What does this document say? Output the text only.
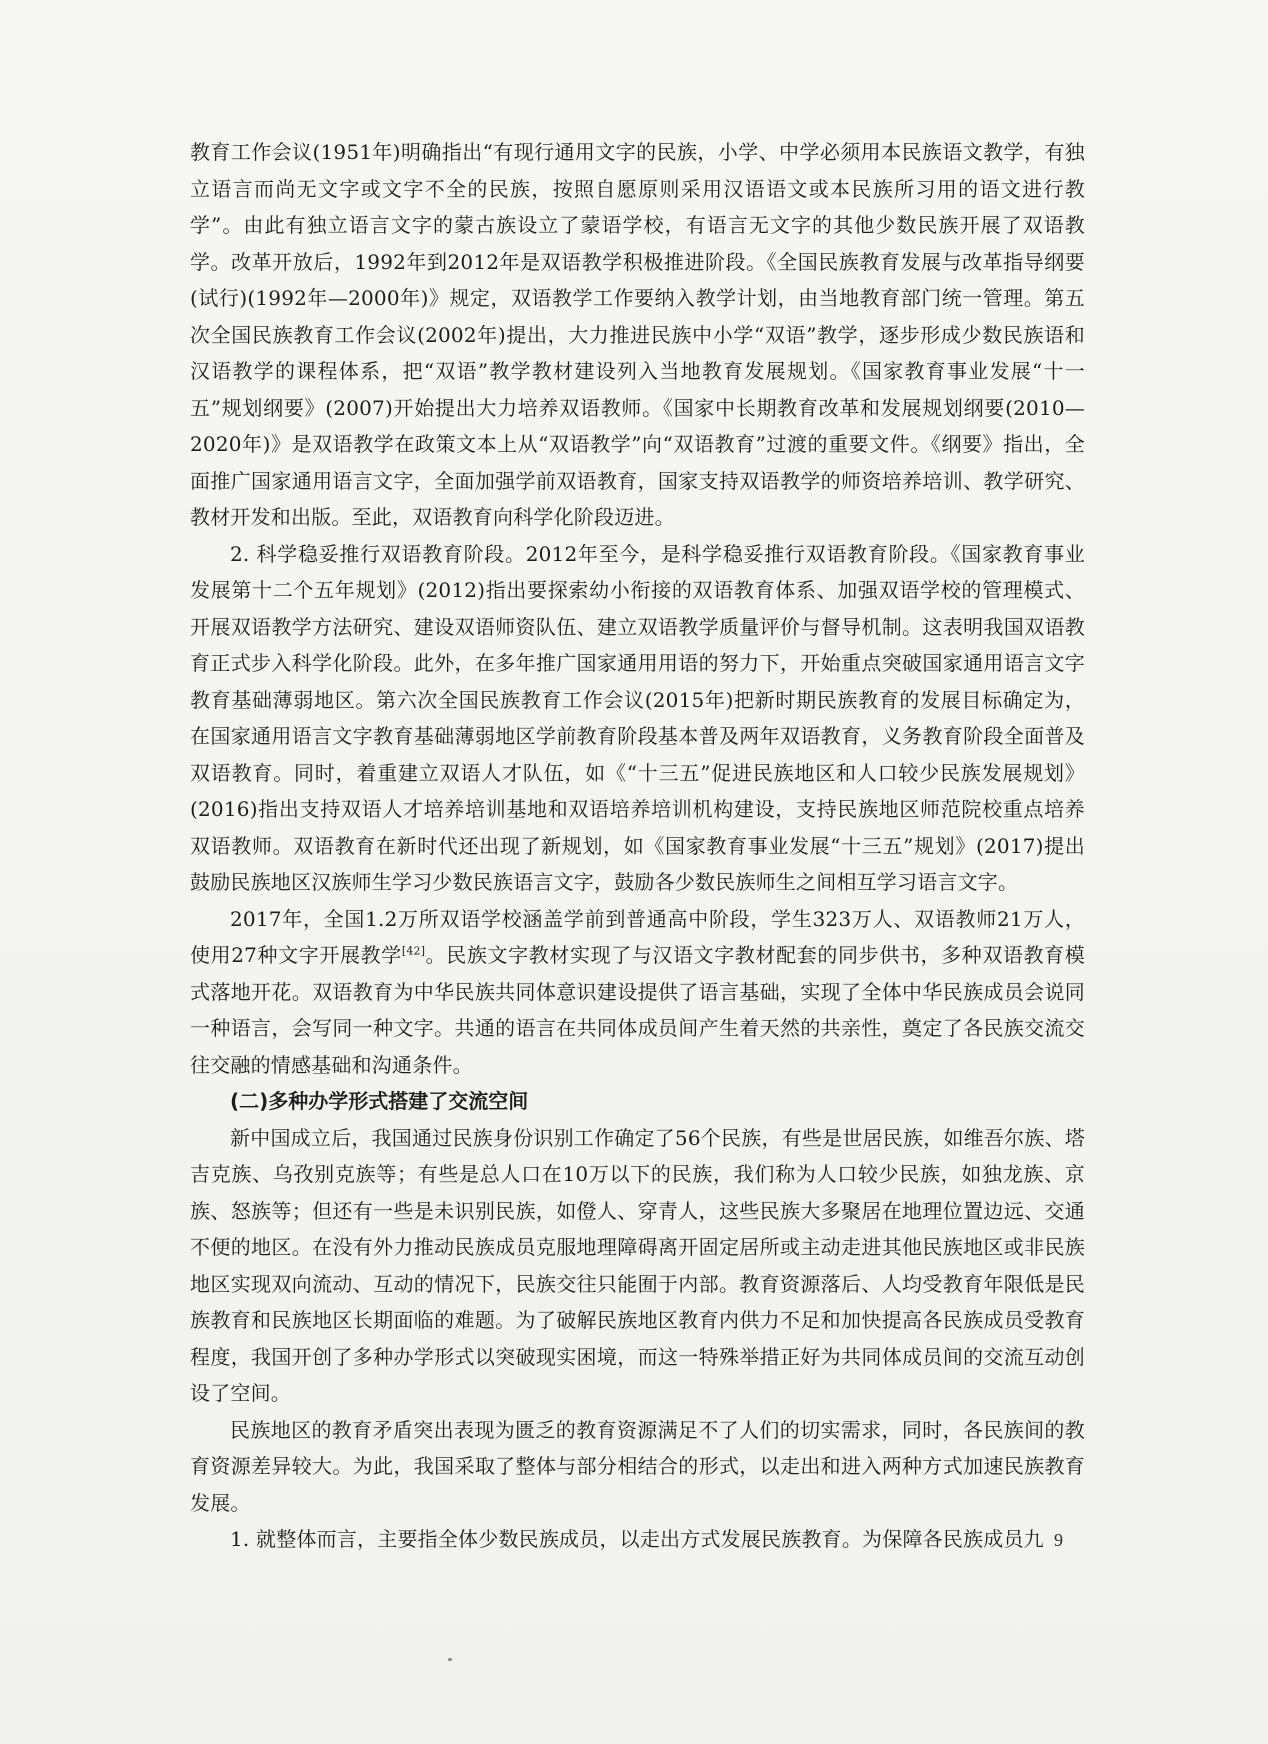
教育工作会议(1951年)明确指出“有现行通用文字的民族，小学、中学必须用本民族语文教学，有独立语言而尚无文字或文字不全的民族，按照自愿原则采用汉语语文或本民族所习用的语文进行教学”。由此有独立语言文字的蒙古族设立了蒙语学校，有语言无文字的其他少数民族开展了双语教学。改革开放后，1992年到2012年是双语教学积极推进阶段。《全国民族教育发展与改革指导纲要(试行)(1992年—2000年)》规定，双语教学工作要纳入教学计划，由当地教育部门统一管理。第五次全国民族教育工作会议(2002年)提出，大力推进民族中小学“双语”教学，逐步形成少数民族语和汉语教学的课程体系，把“双语”教学教材建设列入当地教育发展规划。《国家教育事业发展“十一五”规划纲要》(2007)开始提出大力培养双语教师。《国家中长期教育改革和发展规划纲要(2010—2020年)》是双语教学在政策文本上从“双语教学”向“双语教育”过渡的重要文件。《纲要》指出，全面推广国家通用语言文字，全面加强学前双语教育，国家支持双语教学的师资培养培训、教学研究、教材开发和出版。至此，双语教育向科学化阶段迈进。

2. 科学稳妥推行双语教育阶段。2012年至今，是科学稳妥推行双语教育阶段。《国家教育事业发展第十二个五年规划》(2012)指出要探索幼小衔接的双语教育体系、加强双语学校的管理模式、开展双语教学方法研究、建设双语师资队伍、建立双语教学质量评价与督导机制。这表明我国双语教育正式步入科学化阶段。此外，在多年推广国家通用用语的努力下，开始重点突破国家通用语言文字教育基础薄弱地区。第六次全国民族教育工作会议(2015年)把新时期民族教育的发展目标确定为，在国家通用语言文字教育基础薄弱地区学前教育阶段基本普及两年双语教育，义务教育阶段全面普及双语教育。同时，着重建立双语人才队伍，如《“十三五”促进民族地区和人口较少民族发展规划》(2016)指出支持双语人才培养培训基地和双语培养培训机构建设，支持民族地区师范院校重点培养双语教师。双语教育在新时代还出现了新规划，如《国家教育事业发展“十三五”规划》(2017)提出鼓励民族地区汉族师生学习少数民族语言文字，鼓励各少数民族师生之间相互学习语言文字。

2017年，全国1.2万所双语学校涵盖学前到普通高中阶段，学生323万人、双语教师21万人，使用27种文字开展教学[42]。民族文字教材实现了与汉语文字教材配套的同步供书，多种双语教育模式落地开花。双语教育为中华民族共同体意识建设提供了语言基础，实现了全体中华民族成员会说同一种语言，会写同一种文字。共通的语言在共同体成员间产生着天然的共亲性，奠定了各民族交流交往交融的情感基础和沟通条件。

(二)多种办学形式搭建了交流空间

新中国成立后，我国通过民族身份识别工作确定了56个民族，有些是世居民族，如维吾尔族、塔吉克族、乌孜别克族等；有些是总人口在10万以下的民族，我们称为人口较少民族，如独龙族、京族、怒族等；但还有一些是未识别民族，如僜人、穿青人，这些民族大多聚居在地理位置边远、交通不便的地区。在没有外力推动民族成员克服地理障碍离开固定居所或主动走进其他民族地区或非民族地区实现双向流动、互动的情况下，民族交往只能囿于内部。教育资源落后、人均受教育年限低是民族教育和民族地区长期面临的难题。为了破解民族地区教育内供力不足和加快提高各民族成员受教育程度，我国开创了多种办学形式以突破现实困境，而这一特殊举措正好为共同体成员间的交流互动创设了空间。

民族地区的教育矛盾突出表现为匮乏的教育资源满足不了人们的切实需求，同时，各民族间的教育资源差异较大。为此，我国采取了整体与部分相结合的形式，以走出和进入两种方式加速民族教育发展。

1. 就整体而言，主要指全体少数民族成员，以走出方式发展民族教育。为保障各民族成员九 9
